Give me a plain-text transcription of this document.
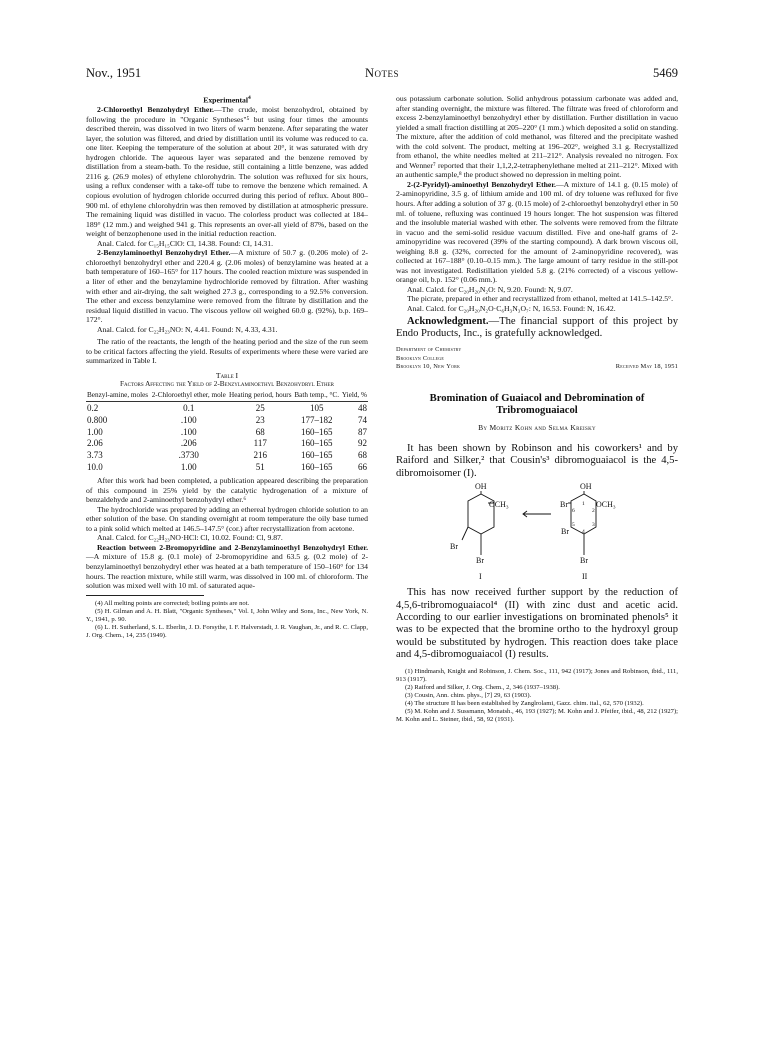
Nov., 1951	Notes	5469

Experimental$^4$

2-Chloroethyl Benzohydryl Ether.—The crude, moist benzohydrol, obtained by following the procedure in "Organic Syntheses"⁵ but using four times the amounts described therein, was dissolved in two liters of warm benzene. After separating the water layer, the solution was filtered, and dried by distillation until its volume was reduced to ca. one liter. Keeping the temperature of the solution at about 20°, it was saturated with dry hydrogen chloride. The aqueous layer was separated and the benzene removed by distillation from a steam-bath. To the residue, still containing a little benzene, was added 2116 g. (26.9 moles) of ethylene chlorohydrin. The solution was refluxed for six hours, using a reflux condenser with a take-off tube to remove the benzene which remained. A copious evolution of hydrogen chloride occurred during this period of reflux. About 800–900 ml. of ethylene chlorohydrin was then removed by distillation at atmospheric pressure. The remaining liquid was distilled in vacuo. The colorless product was collected at 184–189° (12 mm.) and weighed 941 g. This represents an over-all yield of 87%, based on the weight of benzophenone used in the initial reduction reaction.

Anal. Calcd. for C₁₅H₁₅ClO: Cl, 14.38. Found: Cl, 14.31.

2-Benzylaminoethyl Benzohydryl Ether.—A mixture of 50.7 g. (0.206 mole) of 2-chloroethyl benzohydryl ether and 220.4 g. (2.06 moles) of benzylamine was heated at a bath temperature of 160–165° for 117 hours. The cooled reaction mixture was suspended in a liter of ether and the benzylamine hydrochloride removed by filtration. After washing with ether and air-drying, the salt weighed 27.3 g., corresponding to a 92.5% conversion. The ether and excess benzylamine were removed from the filtrate by distillation and the residual liquid distilled in vacuo. The viscous yellow oil weighed 60.0 g. (92%), b.p. 169–172°.

Anal. Calcd. for C₂₂H₂₃NO: N, 4.41. Found: N, 4.33, 4.31.

The ratio of the reactants, the length of the heating period and the size of the run seem to be critical factors affecting the yield. Results of experiments where these were varied are summarized in Table I.

Table I

Factors Affecting the Yield of 2-Benzylaminoethyl Benzohydryl Ether

Benzyl-amine, moles	2-Chloroethyl ether, mole	Heating period, hours	Bath temp., °C.	Yield, %
0.2	0.1	25	105	48
0.800	.100	23	177–182	74
1.00	.100	68	160–165	87
2.06	.206	117	160–165	92
3.73	.3730	216	160–165	68
10.0	1.00	51	160–165	66

After this work had been completed, a publication appeared describing the preparation of this compound in 25% yield by the catalytic hydrogenation of a mixture of benzaldehyde and 2-aminoethyl benzohydryl ether.⁶

The hydrochloride was prepared by adding an ethereal hydrogen chloride solution to an ether solution of the base. On standing overnight at room temperature the oily base turned to a pink solid which melted at 146.5–147.5° (cor.) after recrystallization from acetone.

Anal. Calcd. for C₂₂H₂₃NO·HCl: Cl, 10.02. Found: Cl, 9.87.

Reaction between 2-Bromopyridine and 2-Benzylaminoethyl Benzohydryl Ether.—A mixture of 15.8 g. (0.1 mole) of 2-bromopyridine and 63.5 g. (0.2 mole) of 2-benzylaminoethyl benzohydryl ether was heated at a bath temperature of 150–160° for 134 hours. The reaction mixture, while still warm, was dissolved in 100 ml. of chloroform. The solution was mixed well with 10 ml. of saturated aque-

(4) All melting points are corrected; boiling points are not.

(5) H. Gilman and A. H. Blatt, "Organic Syntheses," Vol. I, John Wiley and Sons, Inc., New York, N. Y., 1941, p. 90.

(6) L. H. Sutherland, S. L. Eberlin, J. D. Forsythe, I. F. Halverstadt, J. R. Vaughan, Jr., and R. C. Clapp, J. Org. Chem., 14, 235 (1949).

ous potassium carbonate solution. Solid anhydrous potassium carbonate was added and, after standing overnight, the mixture was filtered. The filtrate was freed of chloroform and excess 2-benzylaminoethyl benzohydryl ether by distillation. Further distillation in vacuo yielded a small fraction distilling at 205–220° (1 mm.) which deposited a solid on standing. The mixture, after the addition of cold methanol, was filtered and the precipitate washed with the cold solvent. The product, melting at 196–202°, weighed 3.1 g. Recrystallized from ethanol, the white needles melted at 211–212°. Analysis revealed no nitrogen. Fox and Wenner⁷ reported that their 1,1,2,2-tetraphenylethane melted at 211–212°. Mixed with an authentic sample,⁸ the product showed no depression in melting point.

2-(2-Pyridyl)-aminoethyl Benzohydryl Ether.—A mixture of 14.1 g. (0.15 mole) of 2-aminopyridine, 3.5 g. of lithium amide and 100 ml. of dry toluene was refluxed for five hours. After adding a solution of 37 g. (0.15 mole) of 2-chloroethyl benzohydryl ether in 50 ml. of toluene, refluxing was continued 19 hours longer. The hot suspension was filtered and the insoluble material washed with ether. The solvents were removed from the filtrate in vacuo and the semi-solid residue vacuum distilled. Five and one-half grams of 2-aminopyridine was recovered (39% of the starting compound). A dark brown viscous oil, weighing 8.8 g. (32%, corrected for the amount of 2-aminopyridine recovered), was collected at 167–188° (0.10–0.15 mm.). The large amount of tarry residue in the still-pot was not investigated. Redistillation yielded 5.8 g. (21% corrected) of a viscous yellow-orange oil, b.p. 152° (0.06 mm.).

Anal. Calcd. for C₂₀H₂₀N₂O: N, 9.20. Found: N, 9.07.

The picrate, prepared in ether and recrystallized from ethanol, melted at 141.5–142.5°.

Anal. Calcd. for C₂₀H₂₀N₂O·C₆H₃N₃O₇: N, 16.53. Found: N, 16.42.

Acknowledgment.—The financial support of this project by Endo Products, Inc., is gratefully acknowledged.

Department of Chemistry
Brooklyn College
Brooklyn 10, New York	Received May 18, 1951
Bromination of Guaiacol and Debromination of Tribromoguaiacol
By Moritz Kohn and Selma Kreisky

It has been shown by Robinson and his coworkers¹ and by Raiford and Silker,² that Cousin's³ dibromoguaiacol is the 4,5-dibromoisomer (I).

OH
OCH₃
Br
Br
I
OH
Br	OCH₃
Br
Br
II
1
2
3
4
5
6

This has now received further support by the reduction of 4,5,6-tribromoguaiacol⁴ (II) with zinc dust and acetic acid. According to our earlier investigations on brominated phenols⁵ it was to be expected that the bromine ortho to the hydroxyl group would be substituted by hydrogen. This reaction does take place and 4,5-dibromoguaiacol (I) results.

(1) Hindmarsh, Knight and Robinson, J. Chem. Soc., 111, 942 (1917); Jones and Robinson, ibid., 111, 913 (1917).

(2) Raiford and Silker, J. Org. Chem., 2, 346 (1937–1938).

(3) Cousin, Ann. chim. phys., [7] 29, 63 (1903).

(4) The structure II has been established by Zanglrolami, Gazz. chim. ital., 62, 570 (1932).

(5) M. Kohn and J. Sussmann, Monatsh., 46, 193 (1927); M. Kohn and J. Pfeifer, ibid., 48, 212 (1927); M. Kohn and L. Steiner, ibid., 58, 92 (1931).
